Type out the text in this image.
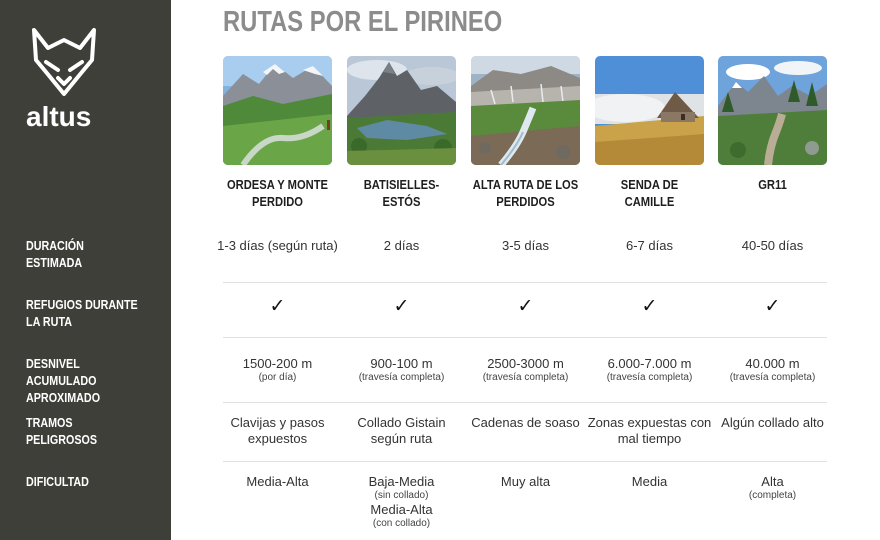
altus
DURACIÓN ESTIMADA
REFUGIOS DURANTE LA RUTA
DESNIVEL ACUMULADO APROXIMADO
TRAMOS PELIGROSOS
DIFICULTAD
RUTAS POR EL PIRINEO
ORDESA Y MONTE PERDIDO
1-3 días (según ruta)
✓
1500-200 m
(por día)
Clavijas y pasos expuestos
Media-Alta
BATISIELLES-ESTÓS
2 días
✓
900-100 m
(travesía completa)
Collado Gistain según ruta
Baja-Media
(sin collado)
Media-Alta
(con collado)
ALTA RUTA DE LOS PERDIDOS
3-5 días
✓
2500-3000 m
(travesía completa)
Cadenas de soaso
Muy alta
SENDA DE CAMILLE
6-7 días
✓
6.000-7.000 m
(travesía completa)
Zonas expuestas con mal tiempo
Media
GR11
40-50 días
✓
40.000 m
(travesía completa)
Algún collado alto
Alta
(completa)
